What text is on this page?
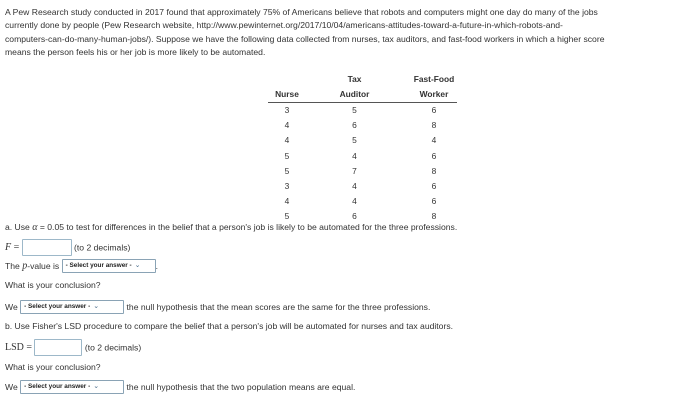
A Pew Research study conducted in 2017 found that approximately 75% of Americans believe that robots and computers might one day do many of the jobs
currently done by people (Pew Research website, http://www.pewinternet.org/2017/10/04/americans-attitudes-toward-a-future-in-which-robots-and-
computers-can-do-many-human-jobs/). Suppose we have the following data collected from nurses, tax auditors, and fast-food workers in which a higher score
means the person feels his or her job is more likely to be automated.

		Tax		Fast-Food
Nurse		Auditor		Worker
3		5		6
4		6		8
4		5		4
5		4		6
5		7		8
3		4		6
4		4		6
5		6		8
a. Use α = 0.05 to test for differences in the belief that a person's job is likely to be automated for the three professions.
F =	(to 2 decimals)
The p-value is - Select your answer - ⌄ .
What is your conclusion?
We - Select your answer - ⌄	the null hypothesis that the mean scores are the same for the three professions.
b. Use Fisher's LSD procedure to compare the belief that a person's job will be automated for nurses and tax auditors.
LSD =	(to 2 decimals)
What is your conclusion?
We - Select your answer - ⌄	the null hypothesis that the two population means are equal.
